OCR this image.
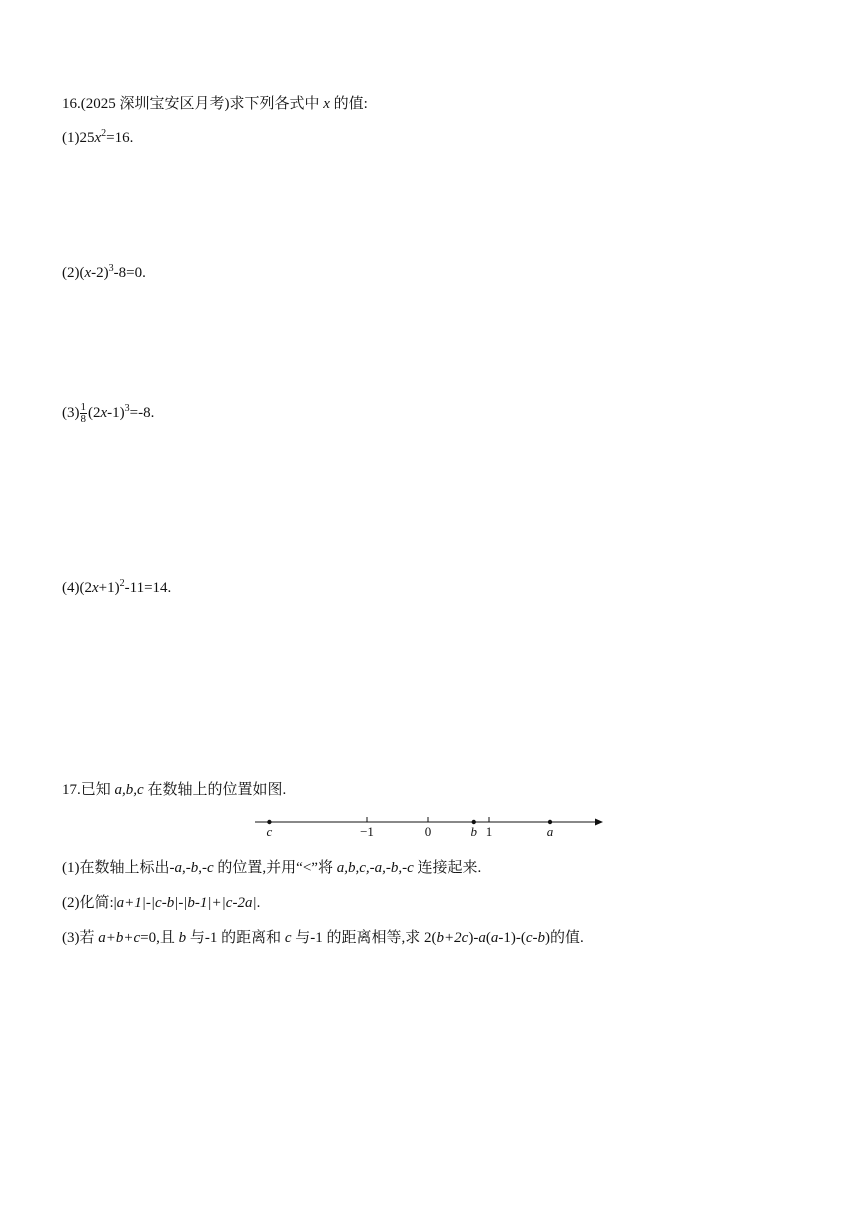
16.(2025 深圳宝安区月考)求下列各式中 x 的值:
$(1)25x^2=16$.
$(2)(x-2)^3-8=0$.
$(3) \frac{1}{8} (2x-1)^3=-8$.
$(4)(2x+1)^2-11=14$.
17.已知 a,b,c 在数轴上的位置如图.
c	−1	0	b 1	a
(1)在数轴上标出-a,-b,-c 的位置,并用“<”将 a,b,c,-a,-b,-c 连接起来.
(2)化简:|a+1|-|c-b|-|b-1|+|c-2a|.
(3)若 a+b+c=0,且 b 与-1 的距离和 c 与-1 的距离相等,求 2(b+2c)-a(a-1)-(c-b)的值.
